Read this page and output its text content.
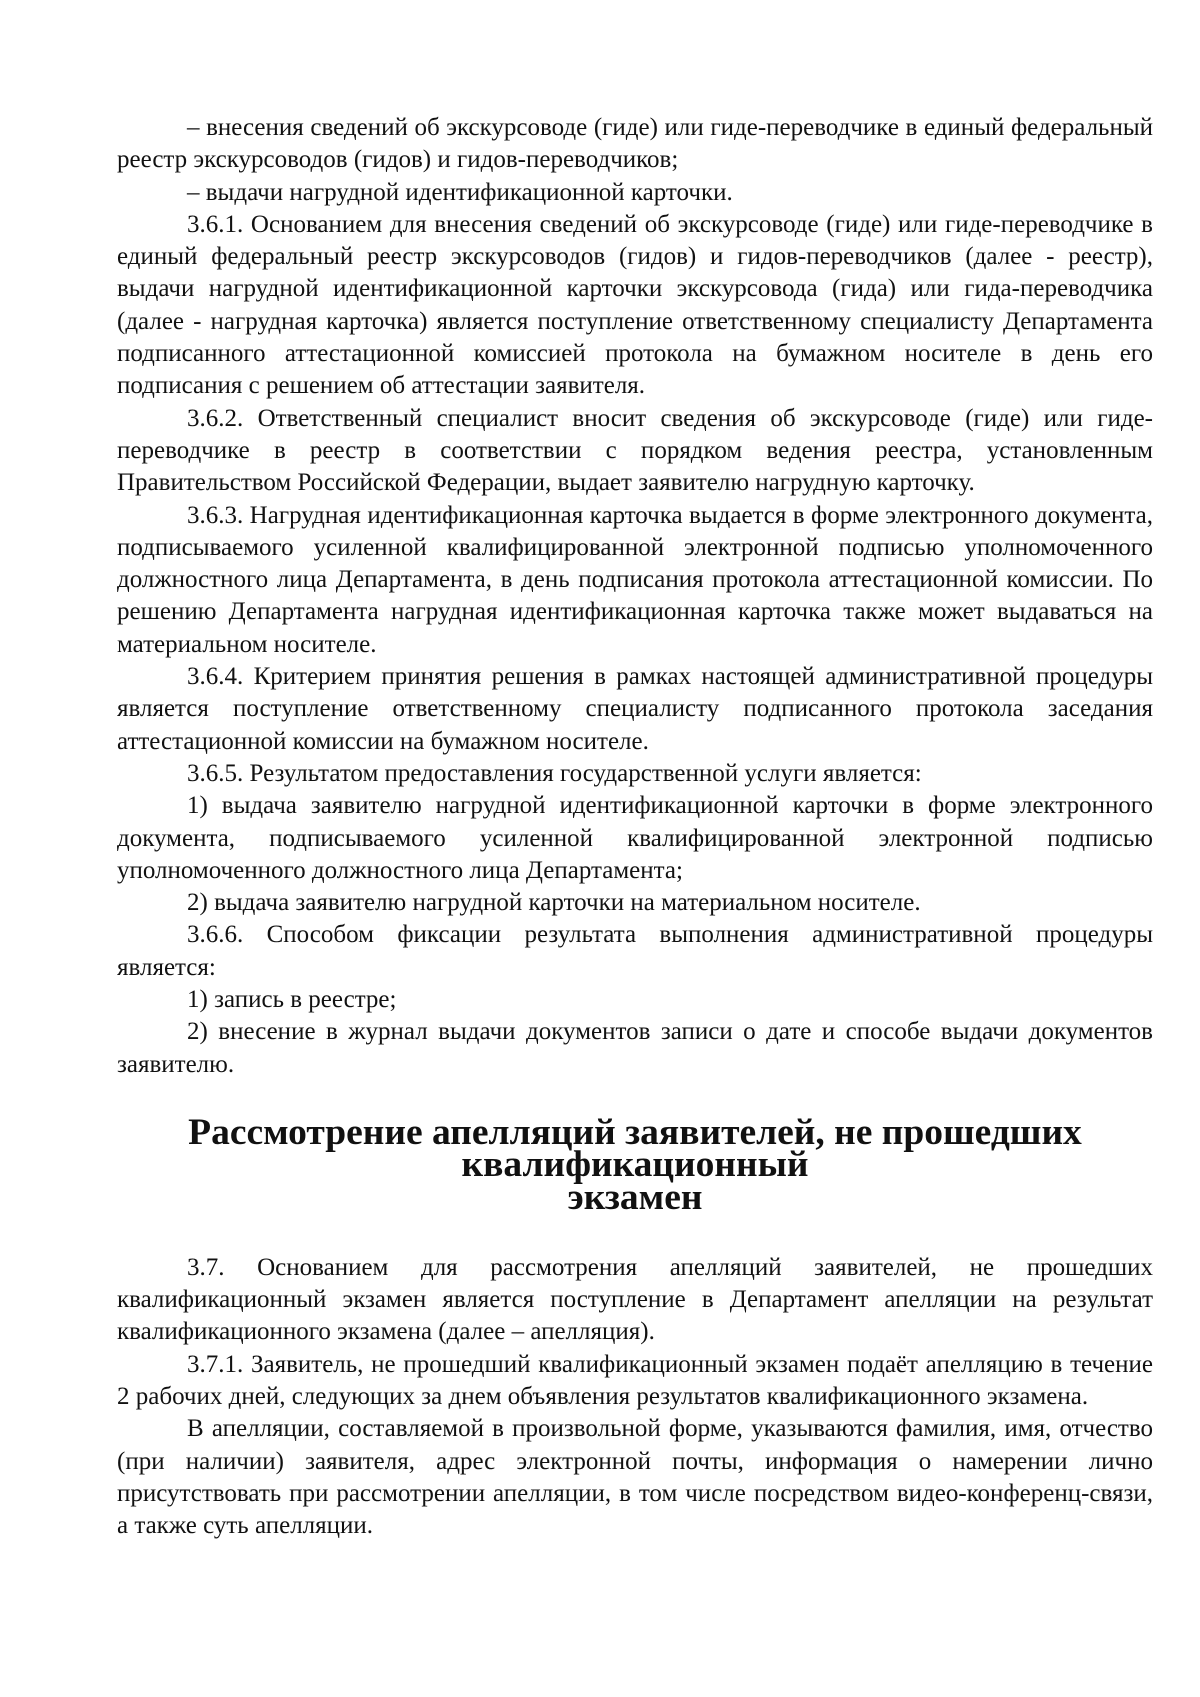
– внесения сведений об экскурсоводе (гиде) или гиде-переводчике в единый федеральный реестр экскурсоводов (гидов) и гидов-переводчиков;

– выдачи нагрудной идентификационной карточки.

3.6.1. Основанием для внесения сведений об экскурсоводе (гиде) или гиде-переводчике в единый федеральный реестр экскурсоводов (гидов) и гидов-переводчиков (далее - реестр), выдачи нагрудной идентификационной карточки экскурсовода (гида) или гида-переводчика (далее - нагрудная карточка) является поступление ответственному специалисту Департамента подписанного аттестационной комиссией протокола на бумажном носителе в день его подписания с решением об аттестации заявителя.

3.6.2. Ответственный специалист вносит сведения об экскурсоводе (гиде) или гиде-переводчике в реестр в соответствии с порядком ведения реестра, установленным Правительством Российской Федерации, выдает заявителю нагрудную карточку.

3.6.3. Нагрудная идентификационная карточка выдается в форме электронного документа, подписываемого усиленной квалифицированной электронной подписью уполномоченного должностного лица Департамента, в день подписания протокола аттестационной комиссии. По решению Департамента нагрудная идентификационная карточка также может выдаваться на материальном носителе.

3.6.4. Критерием принятия решения в рамках настоящей административной процедуры является поступление ответственному специалисту подписанного протокола заседания аттестационной комиссии на бумажном носителе.

3.6.5. Результатом предоставления государственной услуги является:

1) выдача заявителю нагрудной идентификационной карточки в форме электронного документа, подписываемого усиленной квалифицированной электронной подписью уполномоченного должностного лица Департамента;

2) выдача заявителю нагрудной карточки на материальном носителе.

3.6.6. Способом фиксации результата выполнения административной процедуры является:

1) запись в реестре;

2) внесение в журнал выдачи документов записи о дате и способе выдачи документов заявителю.

Рассмотрение апелляций заявителей, не прошедших квалификационный
экзамен

3.7. Основанием для рассмотрения апелляций заявителей, не прошедших квалификационный экзамен является поступление в Департамент апелляции на результат квалификационного экзамена (далее – апелляция).

3.7.1. Заявитель, не прошедший квалификационный экзамен подаёт апелляцию в течение 2 рабочих дней, следующих за днем объявления результатов квалификационного экзамена.

В апелляции, составляемой в произвольной форме, указываются фамилия, имя, отчество (при наличии) заявителя, адрес электронной почты, информация о намерении лично присутствовать при рассмотрении апелляции, в том числе посредством видео-конференц-связи, а также суть апелляции.
